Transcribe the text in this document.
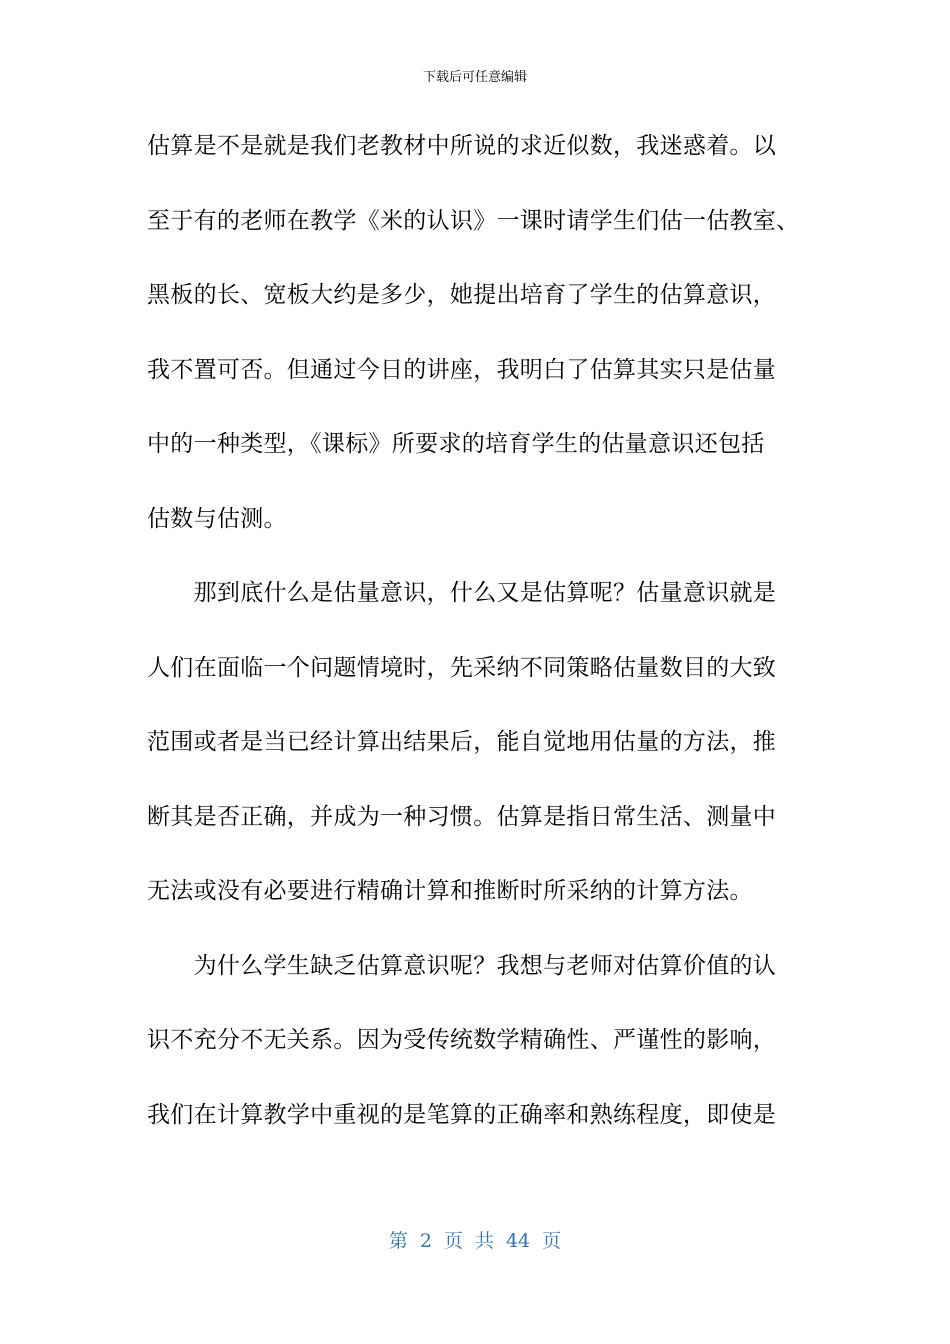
下载后可任意编辑
估算是不是就是我们老教材中所说的求近似数，我迷惑着。以
至于有的老师在教学《米的认识》一课时请学生们估一估教室、
黑板的长、宽板大约是多少，她提出培育了学生的估算意识，
我不置可否。但通过今日的讲座，我明白了估算其实只是估量
中的一种类型，《课标》所要求的培育学生的估量意识还包括
估数与估测。
　　那到底什么是估量意识，什么又是估算呢？估量意识就是
人们在面临一个问题情境时，先采纳不同策略估量数目的大致
范围或者是当已经计算出结果后，能自觉地用估量的方法，推
断其是否正确，并成为一种习惯。估算是指日常生活、测量中
无法或没有必要进行精确计算和推断时所采纳的计算方法。
　　为什么学生缺乏估算意识呢？我想与老师对估算价值的认
识不充分不无关系。因为受传统数学精确性、严谨性的影响，
我们在计算教学中重视的是笔算的正确率和熟练程度，即使是
第 2 页 共 44 页
